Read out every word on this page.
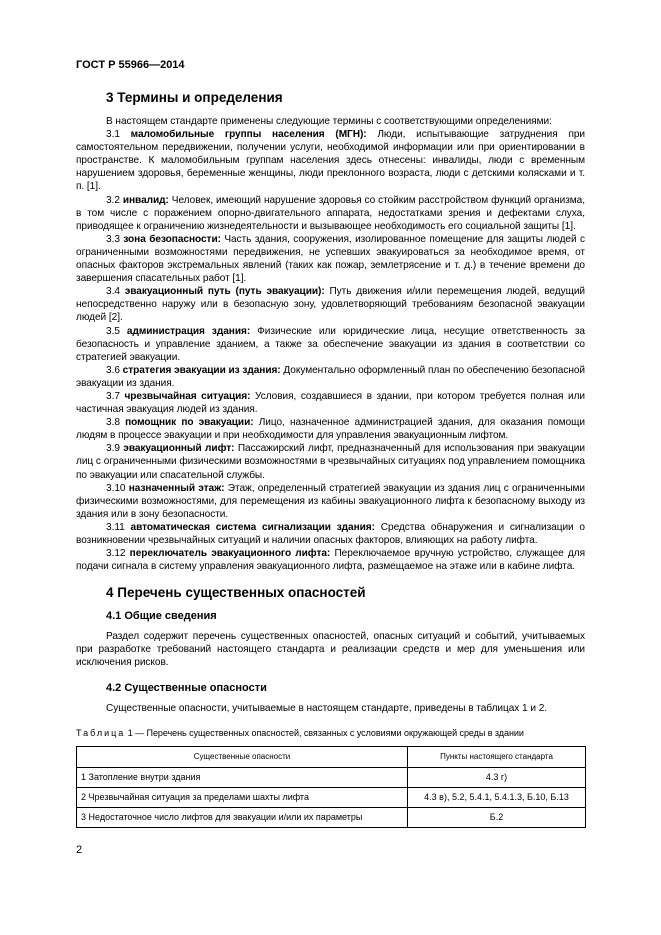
ГОСТ Р 55966—2014
3 Термины и определения

В настоящем стандарте применены следующие термины с соответствующими определениями:

3.1 маломобильные группы населения (МГН): Люди, испытывающие затруднения при самостоятельном передвижении, получении услуги, необходимой информации или при ориентировании в пространстве. К маломобильным группам населения здесь отнесены: инвалиды, люди с временным нарушением здоровья, беременные женщины, люди преклонного возраста, люди с детскими колясками и т. п. [1].

3.2 инвалид: Человек, имеющий нарушение здоровья со стойким расстройством функций организма, в том числе с поражением опорно-двигательного аппарата, недостатками зрения и дефектами слуха, приводящее к ограничению жизнедеятельности и вызывающее необходимость его социальной защиты [1].

3.3 зона безопасности: Часть здания, сооружения, изолированное помещение для защиты людей с ограниченными возможностями передвижения, не успевших эвакуироваться за необходимое время, от опасных факторов экстремальных явлений (таких как пожар, землетрясение и т. д.) в течение времени до завершения спасательных работ [1].

3.4 эвакуационный путь (путь эвакуации): Путь движения и/или перемещения людей, ведущий непосредственно наружу или в безопасную зону, удовлетворяющий требованиям безопасной эвакуации людей [2].

3.5 администрация здания: Физические или юридические лица, несущие ответственность за безопасность и управление зданием, а также за обеспечение эвакуации из здания в соответствии со стратегией эвакуации.

3.6 стратегия эвакуации из здания: Документально оформленный план по обеспечению безопасной эвакуации из здания.

3.7 чрезвычайная ситуация: Условия, создавшиеся в здании, при котором требуется полная или частичная эвакуация людей из здания.

3.8 помощник по эвакуации: Лицо, назначенное администрацией здания, для оказания помощи людям в процессе эвакуации и при необходимости для управления эвакуационным лифтом.

3.9 эвакуационный лифт: Пассажирский лифт, предназначенный для использования при эвакуации лиц с ограниченными физическими возможностями в чрезвычайных ситуациях под управлением помощника по эвакуации или спасательной службы.

3.10 назначенный этаж: Этаж, определенный стратегией эвакуации из здания лиц с ограниченными физическими возможностями, для перемещения из кабины эвакуационного лифта к безопасному выходу из здания или в зону безопасности.

3.11 автоматическая система сигнализации здания: Средства обнаружения и сигнализации о возникновении чрезвычайных ситуаций и наличии опасных факторов, влияющих на работу лифта.

3.12 переключатель эвакуационного лифта: Переключаемое вручную устройство, служащее для подачи сигнала в систему управления эвакуационного лифта, размещаемое на этаже или в кабине лифта.

4 Перечень существенных опасностей
4.1 Общие сведения

Раздел содержит перечень существенных опасностей, опасных ситуаций и событий, учитываемых при разработке требований настоящего стандарта и реализации средств и мер для уменьшения или исключения рисков.

4.2 Существенные опасности

Существенные опасности, учитываемые в настоящем стандарте, приведены в таблицах 1 и 2.

Таблица 1 — Перечень существенных опасностей, связанных с условиями окружающей среды в здании

Существенные опасности	Пункты настоящего стандарта
1 Затопление внутри здания	4.3 г)
2 Чрезвычайная ситуация за пределами шахты лифта	4.3 в), 5.2, 5.4.1, 5.4.1.3, Б.10, Б.13
3 Недостаточное число лифтов для эвакуации и/или их параметры	Б.2
2
